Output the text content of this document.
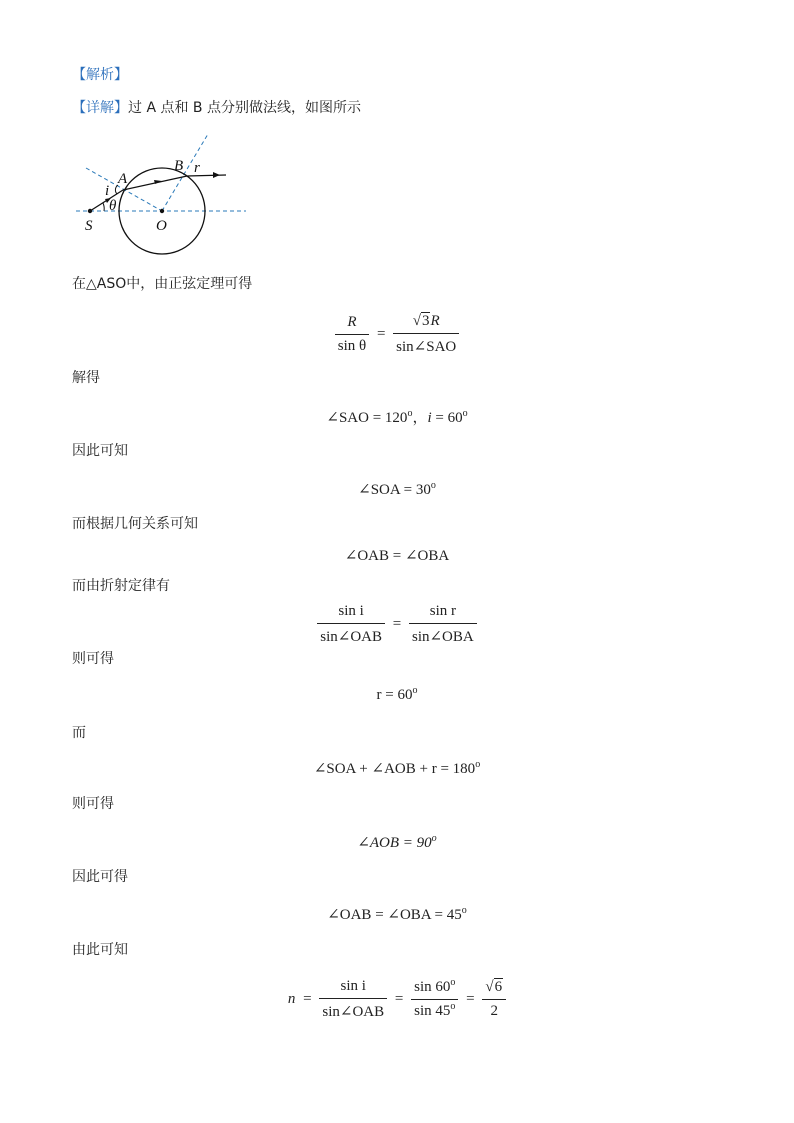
【解析】
【详解】过 A 点和 B 点分别做法线，如图所示
A
B r
i
θ
S	O
在△ASO中，由正弦定理可得
$\frac{R}{\text{sin θ}} = \frac{√3R}{\text{sin∠SAO}}$
解得
∠SAO = $120^o$，$i = 60^o$
因此可知
∠SOA = $30^o$
而根据几何关系可知
∠OAB = ∠OBA
而由折射定律有
$\frac{\text{sin i}}{\text{sin∠OAB}} = \frac{\text{sin r}}{\text{sin∠OBA}}$
则可得
$r = 60^o$
而
∠SOA + ∠AOB + $r = 180^o$
则可得
∠AOB = $90^o$
因此可得
∠OAB = ∠OBA = $45^o$
由此可知
$n = \frac{\text{sin i}}{\text{sin∠OAB}} = \frac{\sin 60^o}{\sin 45^o} = \frac{√6}{2}$
